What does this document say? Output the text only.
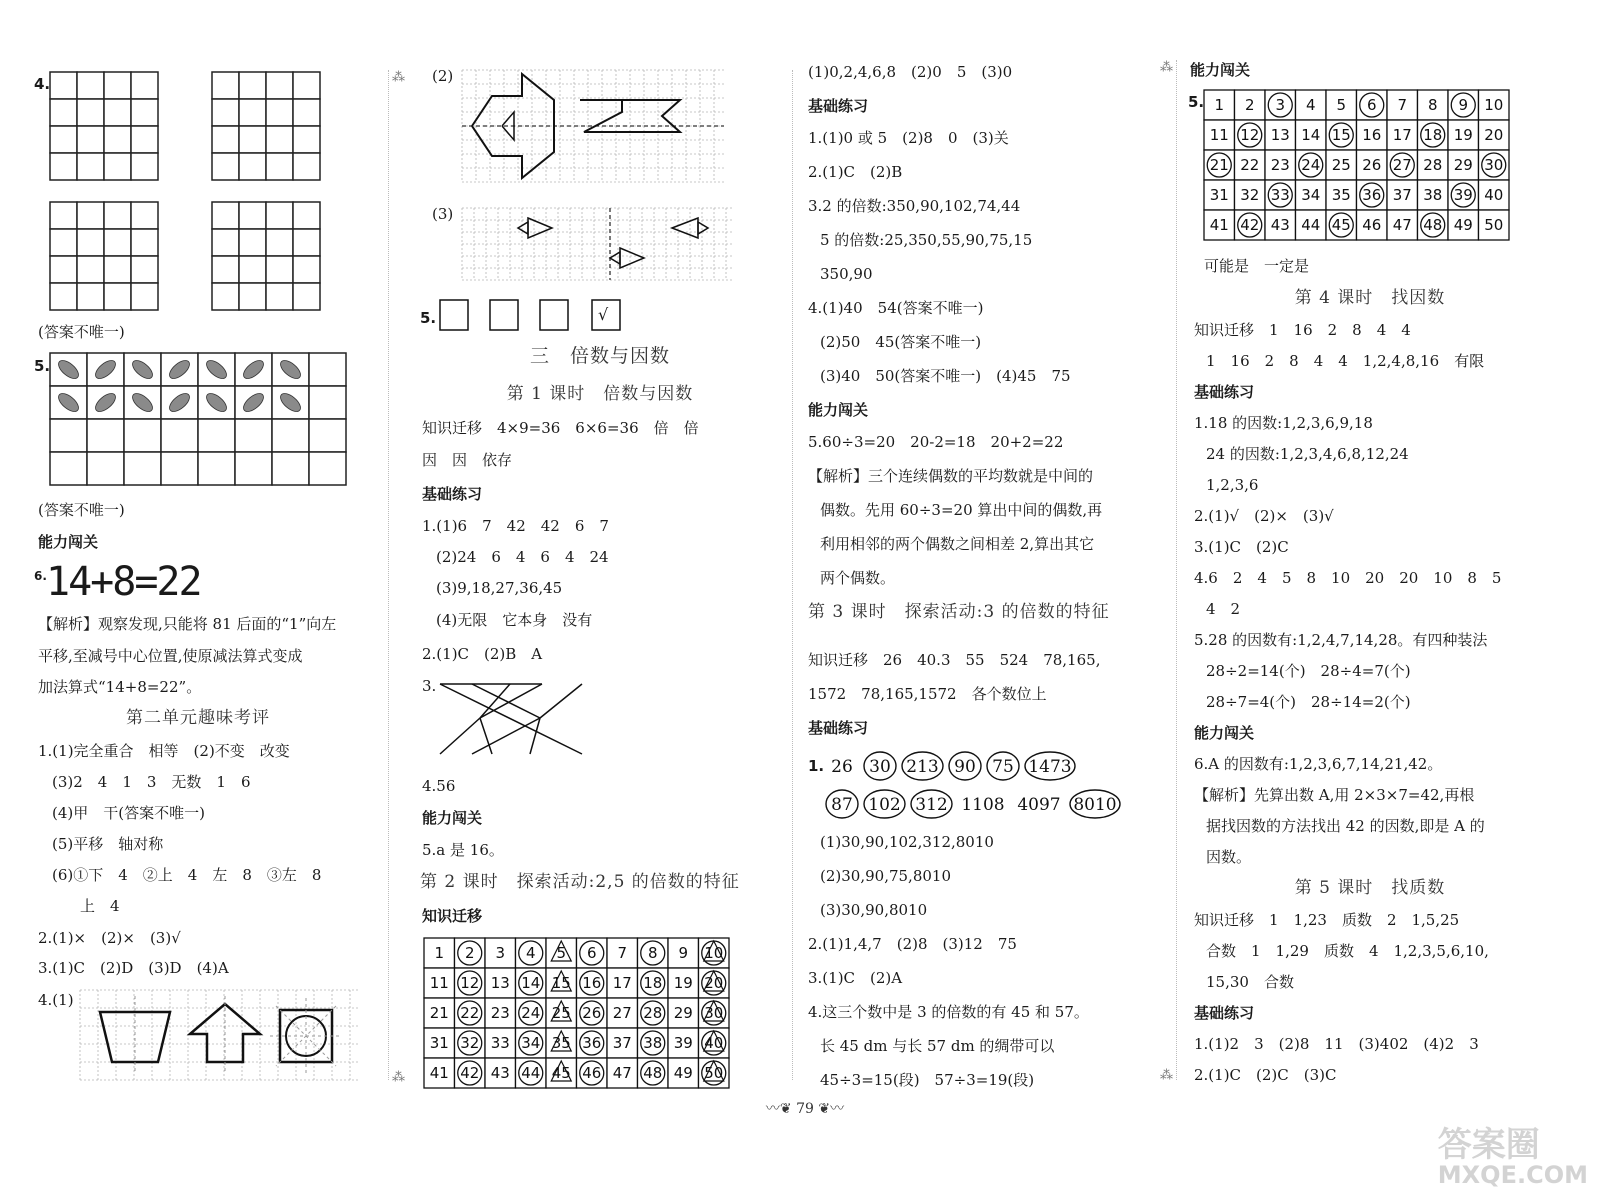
4.
(答案不唯一)
5.
(答案不唯一)
能力闯关
6. 14+8=22
【解析】观察发现,只能将 81 后面的“1”向左
平移,至减号中心位置,使原减法算式变成
加法算式“14+8=22”。
第二单元趣味考评
1.(1)完全重合　相等　(2)不变　改变
(3)2　4　1　3　无数　1　6
(4)甲　干(答案不唯一)
(5)平移　轴对称
(6)①下　4　②上　4　左　8　③左　8
上　4
2.(1)×　(2)×　(3)√
3.(1)C　(2)D　(3)D　(4)A
4.(1)
⁂
⁂
(2)
(3)
5.	√
三　倍数与因数
第 1 课时　倍数与因数
知识迁移　4×9=36　6×6=36　倍　倍
因　因　依存
基础练习
1.(1)6　7　42　42　6　7
(2)24　6　4　6　4　24
(3)9,18,27,36,45
(4)无限　它本身　没有
2.(1)C　(2)B　A
3.
4.56
能力闯关
5.a 是 16。
第 2 课时　探索活动:2,5 的倍数的特征
知识迁移
1 2 3 4 5 6 7 8 9 10
11 12 13 14 15 16 17 18 19 20
21 22 23 24 25 26 27 28 29 30
31 32 33 34 35 36 37 38 39 40
41 42 43 44 45 46 47 48 49 50
(1)0,2,4,6,8　(2)0　5　(3)0
基础练习
1.(1)0 或 5　(2)8　0　(3)关
2.(1)C　(2)B
3.2 的倍数:350,90,102,74,44
5 的倍数:25,350,55,90,75,15
350,90
4.(1)40　54(答案不唯一)
(2)50　45(答案不唯一)
(3)40　50(答案不唯一)　(4)45　75
能力闯关
5.60÷3=20　20-2=18　20+2=22
【解析】三个连续偶数的平均数就是中间的
偶数。先用 60÷3=20 算出中间的偶数,再
利用相邻的两个偶数之间相差 2,算出其它
两个偶数。
第 3 课时　探索活动:3 的倍数的特征
知识迁移　26　40.3　55　524　78,165,
1572　78,165,1572　各个数位上
基础练习
1. 26 30 213 90 75 1473
87 102 312 1108 4097 8010
(1)30,90,102,312,8010
(2)30,90,75,8010
(3)30,90,8010
2.(1)1,4,7　(2)8　(3)12　75
3.(1)C　(2)A
4.这三个数中是 3 的倍数的有 45 和 57。
长 45 dm 与长 57 dm 的绸带可以
45÷3=15(段)　57÷3=19(段)
⁂
⁂
能力闯关
5. 1 2 3 4 5 6 7 8 9 10
11 12 13 14 15 16 17 18 19 20
21 22 23 24 25 26 27 28 29 30
31 32 33 34 35 36 37 38 39 40
41 42 43 44 45 46 47 48 49 50
可能是　一定是
第 4 课时　找因数
知识迁移　1　16　2　8　4　4
1　16　2　8　4　4　1,2,4,8,16　有限
基础练习
1.18 的因数:1,2,3,6,9,18
24 的因数:1,2,3,4,6,8,12,24
1,2,3,6
2.(1)√　(2)×　(3)√
3.(1)C　(2)C
4.6　2　4　5　8　10　20　20　10　8　5
4　2
5.28 的因数有:1,2,4,7,14,28。有四种装法
28÷2=14(个)　28÷4=7(个)
28÷7=4(个)　28÷14=2(个)
能力闯关
6.A 的因数有:1,2,3,6,7,14,21,42。
【解析】先算出数 A,用 2×3×7=42,再根
据找因数的方法找出 42 的因数,即是 A 的
因数。
第 5 课时　找质数
知识迁移　1　1,23　质数　2　1,5,25
合数　1　1,29　质数　4　1,2,3,5,6,10,
15,30　合数
基础练习
1.(1)2　3　(2)8　11　(3)402　(4)2　3
2.(1)C　(2)C　(3)C
〰❦ 79 ❦〰
答案圈
MXQE.COM
